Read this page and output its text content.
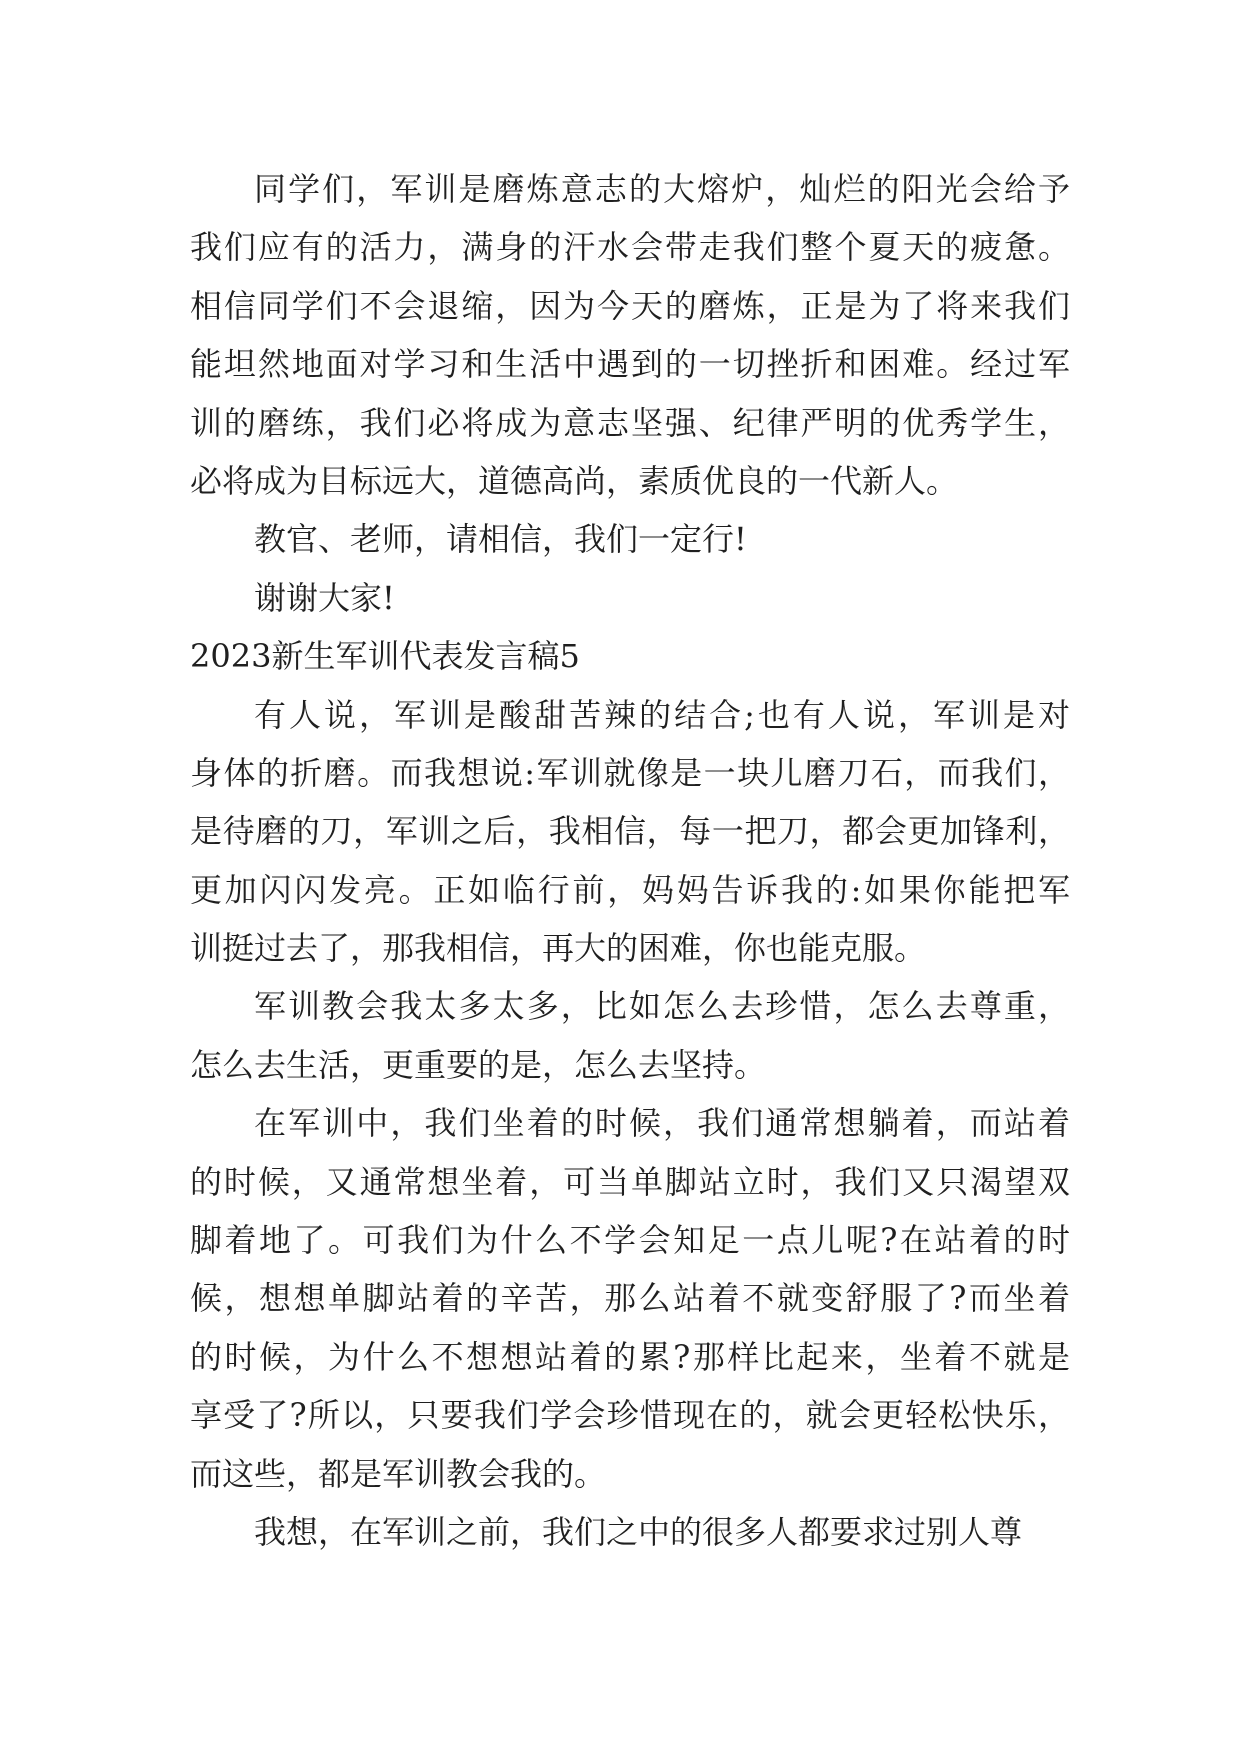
同学们，军训是磨炼意志的大熔炉，灿烂的阳光会给予
我们应有的活力，满身的汗水会带走我们整个夏天的疲惫。
相信同学们不会退缩，因为今天的磨炼，正是为了将来我们
能坦然地面对学习和生活中遇到的一切挫折和困难。经过军
训的磨练，我们必将成为意志坚强、纪律严明的优秀学生，
必将成为目标远大，道德高尚，素质优良的一代新人。
教官、老师，请相信，我们一定行!
谢谢大家!
2023新生军训代表发言稿5
有人说，军训是酸甜苦辣的结合;也有人说，军训是对
身体的折磨。而我想说:军训就像是一块儿磨刀石，而我们，
是待磨的刀，军训之后，我相信，每一把刀，都会更加锋利，
更加闪闪发亮。正如临行前，妈妈告诉我的:如果你能把军
训挺过去了，那我相信，再大的困难，你也能克服。
军训教会我太多太多，比如怎么去珍惜，怎么去尊重，
怎么去生活，更重要的是，怎么去坚持。
在军训中，我们坐着的时候，我们通常想躺着，而站着
的时候，又通常想坐着，可当单脚站立时，我们又只渴望双
脚着地了。可我们为什么不学会知足一点儿呢?在站着的时
候，想想单脚站着的辛苦，那么站着不就变舒服了?而坐着
的时候，为什么不想想站着的累?那样比起来，坐着不就是
享受了?所以，只要我们学会珍惜现在的，就会更轻松快乐，
而这些，都是军训教会我的。
我想，在军训之前，我们之中的很多人都要求过别人尊
